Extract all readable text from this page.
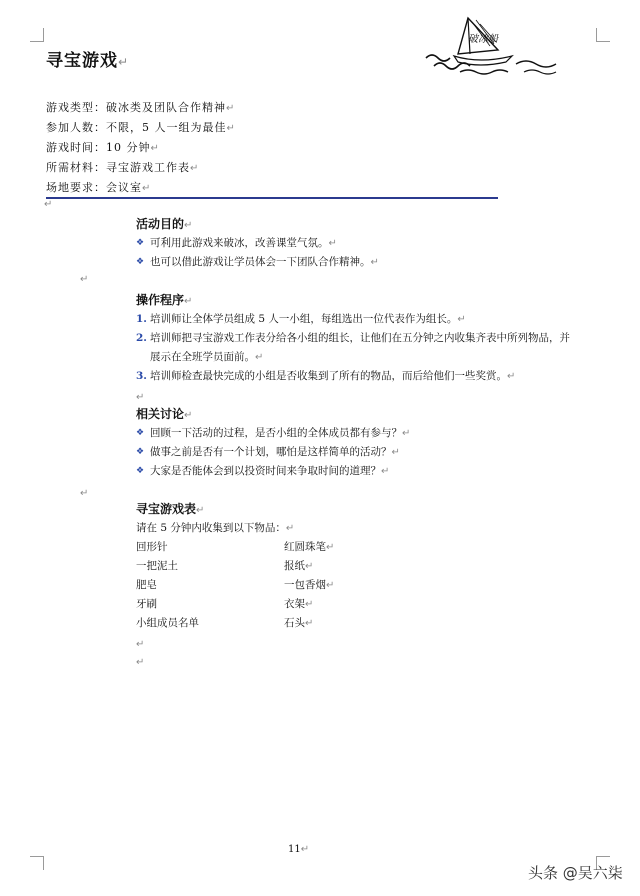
寻宝游戏↵
破冰船
游戏类型：破冰类及团队合作精神↵
参加人数：不限，5 人一组为最佳↵
游戏时间：10 分钟↵
所需材料：寻宝游戏工作表↵
场地要求：会议室↵
↵
活动目的↵
❖ 可利用此游戏来破冰，改善课堂气氛。↵
❖ 也可以借此游戏让学员体会一下团队合作精神。↵
操作程序↵
1. 培训师让全体学员组成 5 人一小组，每组选出一位代表作为组长。↵
2. 培训师把寻宝游戏工作表分给各小组的组长，让他们在五分钟之内收集齐表中所列物品，并展示在全班学员面前。↵
3. 培训师检查最快完成的小组是否收集到了所有的物品，而后给他们一些奖赏。↵
↵
相关讨论↵
❖ 回顾一下活动的过程，是否小组的全体成员都有参与？↵
❖ 做事之前是否有一个计划，哪怕是这样简单的活动？↵
❖ 大家是否能体会到以投资时间来争取时间的道理？↵
寻宝游戏表↵
请在 5 分钟内收集到以下物品：↵
回形针	红圆珠笔↵
一把泥土	报纸↵
肥皂	一包香烟↵
牙刷	衣架↵
小组成员名单	石头↵
↵
↵
↵
↵
11↵
头条 @吴六柒
